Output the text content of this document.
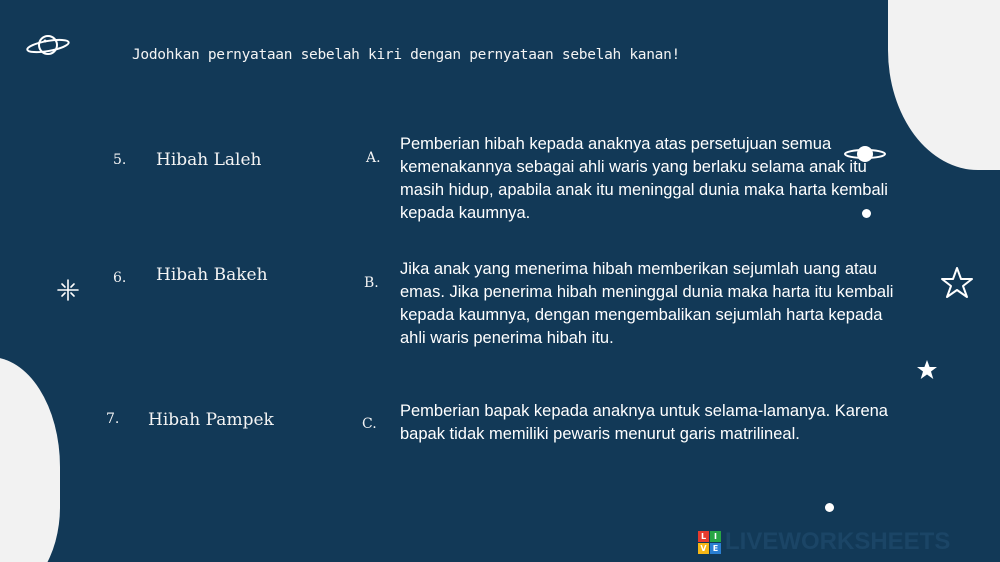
Jodohkan pernyataan sebelah kiri dengan pernyataan sebelah kanan!
5. Hibah Laleh
6. Hibah Bakeh
7. Hibah Pampek
A.
Pemberian hibah kepada anaknya atas persetujuan semua kemenakannya sebagai ahli waris yang berlaku selama anak itu masih hidup, apabila anak itu meninggal dunia maka harta kembali kepada kaumnya.
B.
Jika anak yang menerima hibah memberikan sejumlah uang atau emas. Jika penerima hibah meninggal dunia maka harta itu kembali kepada kaumnya, dengan mengembalikan sejumlah harta kepada ahli waris penerima hibah itu.
C.
Pemberian bapak kepada anaknya untuk selama-lamanya. Karena bapak tidak memiliki pewaris menurut garis matrilineal.
L I
V E LIVEWORKSHEETS
